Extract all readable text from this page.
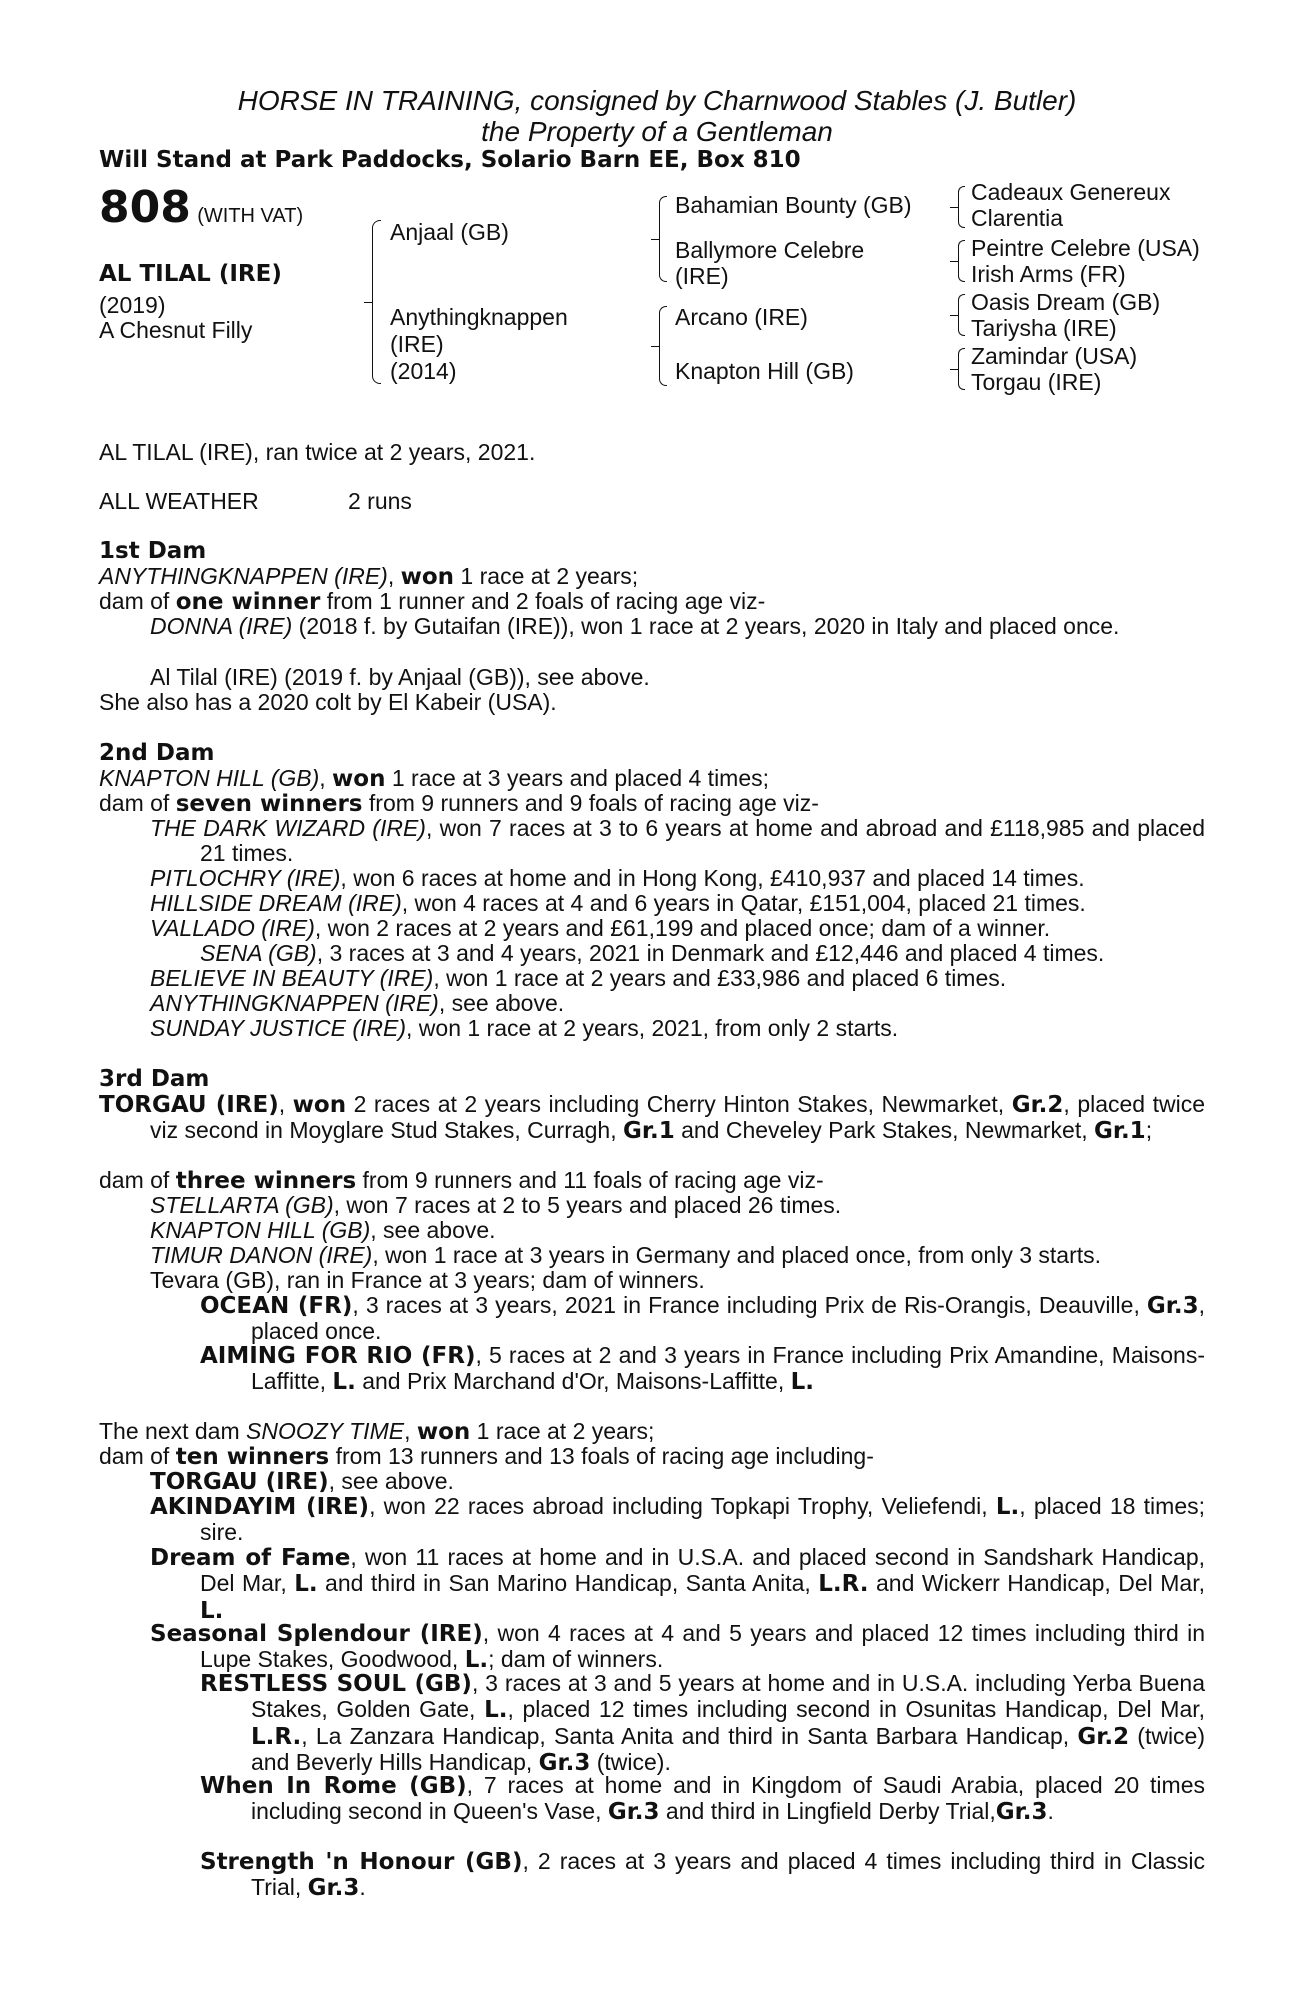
HORSE IN TRAINING, consigned by Charnwood Stables (J. Butler)
the Property of a Gentleman
Will Stand at Park Paddocks, Solario Barn EE, Box 810
808 (WITH VAT)
AL TILAL (IRE)
(2019)
A Chesnut Filly
Anjaal (GB)
Anythingknappen
(IRE)
(2014)
Bahamian Bounty (GB)
Ballymore Celebre
(IRE)
Arcano (IRE)
Knapton Hill (GB)
Cadeaux Genereux
Clarentia
Peintre Celebre (USA)
Irish Arms (FR)
Oasis Dream (GB)
Tariysha (IRE)
Zamindar (USA)
Torgau (IRE)
AL TILAL (IRE), ran twice at 2 years, 2021.
ALL WEATHER	2 runs
1st Dam
ANYTHINGKNAPPEN (IRE), won 1 race at 2 years;
dam of one winner from 1 runner and 2 foals of racing age viz-
DONNA (IRE) (2018 f. by Gutaifan (IRE)), won 1 race at 2 years, 2020 in Italy and placed once.
Al Tilal (IRE) (2019 f. by Anjaal (GB)), see above.
She also has a 2020 colt by El Kabeir (USA).
2nd Dam
KNAPTON HILL (GB), won 1 race at 3 years and placed 4 times;
dam of seven winners from 9 runners and 9 foals of racing age viz-
THE DARK WIZARD (IRE), won 7 races at 3 to 6 years at home and abroad and £118,985 and placed 21 times.
PITLOCHRY (IRE), won 6 races at home and in Hong Kong, £410,937 and placed 14 times.
HILLSIDE DREAM (IRE), won 4 races at 4 and 6 years in Qatar, £151,004, placed 21 times.
VALLADO (IRE), won 2 races at 2 years and £61,199 and placed once; dam of a winner.
SENA (GB), 3 races at 3 and 4 years, 2021 in Denmark and £12,446 and placed 4 times.
BELIEVE IN BEAUTY (IRE), won 1 race at 2 years and £33,986 and placed 6 times.
ANYTHINGKNAPPEN (IRE), see above.
SUNDAY JUSTICE (IRE), won 1 race at 2 years, 2021, from only 2 starts.
3rd Dam
TORGAU (IRE), won 2 races at 2 years including Cherry Hinton Stakes, Newmarket, Gr.2, placed twice viz second in Moyglare Stud Stakes, Curragh, Gr.1 and Cheveley Park Stakes, Newmarket, Gr.1;
dam of three winners from 9 runners and 11 foals of racing age viz-
STELLARTA (GB), won 7 races at 2 to 5 years and placed 26 times.
KNAPTON HILL (GB), see above.
TIMUR DANON (IRE), won 1 race at 3 years in Germany and placed once, from only 3 starts.
Tevara (GB), ran in France at 3 years; dam of winners.
OCEAN (FR), 3 races at 3 years, 2021 in France including Prix de Ris-Orangis, Deauville, Gr.3, placed once.
AIMING FOR RIO (FR), 5 races at 2 and 3 years in France including Prix Amandine, Maisons-Laffitte, L. and Prix Marchand d'Or, Maisons-Laffitte, L.
The next dam SNOOZY TIME, won 1 race at 2 years;
dam of ten winners from 13 runners and 13 foals of racing age including-
TORGAU (IRE), see above.
AKINDAYIM (IRE), won 22 races abroad including Topkapi Trophy, Veliefendi, L., placed 18 times; sire.
Dream of Fame, won 11 races at home and in U.S.A. and placed second in Sandshark Handicap, Del Mar, L. and third in San Marino Handicap, Santa Anita, L.R. and Wickerr Handicap, Del Mar, L.
Seasonal Splendour (IRE), won 4 races at 4 and 5 years and placed 12 times including third in Lupe Stakes, Goodwood, L.; dam of winners.
RESTLESS SOUL (GB), 3 races at 3 and 5 years at home and in U.S.A. including Yerba Buena Stakes, Golden Gate, L., placed 12 times including second in Osunitas Handicap, Del Mar, L.R., La Zanzara Handicap, Santa Anita and third in Santa Barbara Handicap, Gr.2 (twice) and Beverly Hills Handicap, Gr.3 (twice).
When In Rome (GB), 7 races at home and in Kingdom of Saudi Arabia, placed 20 times including second in Queen's Vase, Gr.3 and third in Lingfield Derby Trial,Gr.3.
Strength 'n Honour (GB), 2 races at 3 years and placed 4 times including third in Classic Trial, Gr.3.
